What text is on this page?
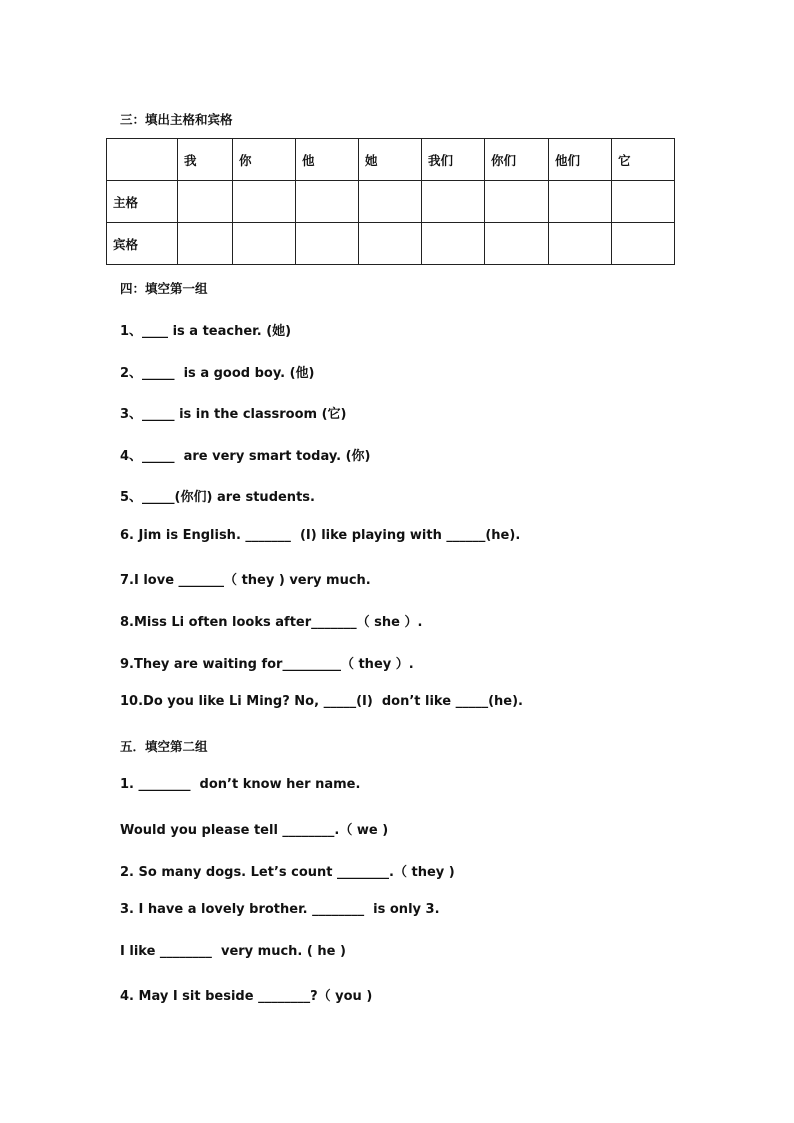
三：填出主格和宾格
	我	你	他	她	我们	你们	他们	它
主格								
宾格								
四：填空第一组
1、____ is a teacher. (她)
2、_____  is a good boy. (他)
3、_____ is in the classroom (它)
4、_____  are very smart today. (你)
5、_____(你们) are students.
6. Jim is English. _______  (I) like playing with ______(he).
7.I love _______（ they ) very much.
8.Miss Li often looks after_______（ she ）.
9.They are waiting for_________（ they ）.
10.Do you like Li Ming? No, _____(I)  don’t like _____(he).
五．填空第二组
1. ________  don’t know her name.
Would you please tell ________.（ we )
2. So many dogs. Let’s count ________.（ they )
3. I have a lovely brother. ________  is only 3.
I like ________  very much. ( he )
4. May I sit beside ________?（ you )
